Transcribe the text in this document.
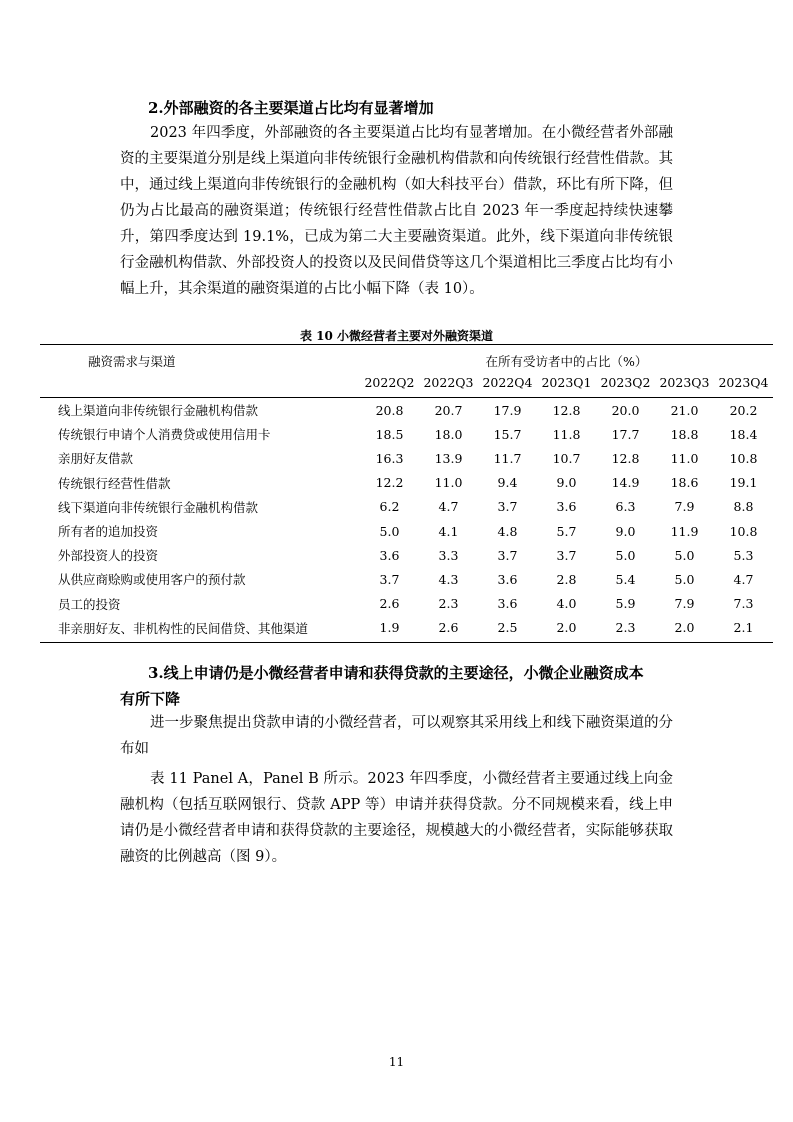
2.外部融资的各主要渠道占比均有显著增加

2023 年四季度，外部融资的各主要渠道占比均有显著增加。在小微经营者外部融资的主要渠道分别是线上渠道向非传统银行金融机构借款和向传统银行经营性借款。其中，通过线上渠道向非传统银行的金融机构（如大科技平台）借款，环比有所下降，但仍为占比最高的融资渠道；传统银行经营性借款占比自 2023 年一季度起持续快速攀升，第四季度达到 19.1%，已成为第二大主要融资渠道。此外，线下渠道向非传统银行金融机构借款、外部投资人的投资以及民间借贷等这几个渠道相比三季度占比均有小幅上升，其余渠道的融资渠道的占比小幅下降（表 10）。

表 10 小微经营者主要对外融资渠道
融资需求与渠道	在所有受访者中的占比（%）						
	2022Q2	2022Q3	2022Q4	2023Q1	2023Q2	2023Q3	2023Q4
线上渠道向非传统银行金融机构借款	20.8	20.7	17.9	12.8	20.0	21.0	20.2
传统银行申请个人消费贷或使用信用卡	18.5	18.0	15.7	11.8	17.7	18.8	18.4
亲朋好友借款	16.3	13.9	11.7	10.7	12.8	11.0	10.8
传统银行经营性借款	12.2	11.0	9.4	9.0	14.9	18.6	19.1
线下渠道向非传统银行金融机构借款	6.2	4.7	3.7	3.6	6.3	7.9	8.8
所有者的追加投资	5.0	4.1	4.8	5.7	9.0	11.9	10.8
外部投资人的投资	3.6	3.3	3.7	3.7	5.0	5.0	5.3
从供应商赊购或使用客户的预付款	3.7	4.3	3.6	2.8	5.4	5.0	4.7
员工的投资	2.6	2.3	3.6	4.0	5.9	7.9	7.3
非亲朋好友、非机构性的民间借贷、其他渠道	1.9	2.6	2.5	2.0	2.3	2.0	2.1
3.线上申请仍是小微经营者申请和获得贷款的主要途径，小微企业融资成本
有所下降

进一步聚焦提出贷款申请的小微经营者，可以观察其采用线上和线下融资渠道的分布如

表 11 Panel A，Panel B 所示。2023 年四季度，小微经营者主要通过线上向金融机构（包括互联网银行、贷款 APP 等）申请并获得贷款。分不同规模来看，线上申请仍是小微经营者申请和获得贷款的主要途径，规模越大的小微经营者，实际能够获取融资的比例越高（图 9）。

11
